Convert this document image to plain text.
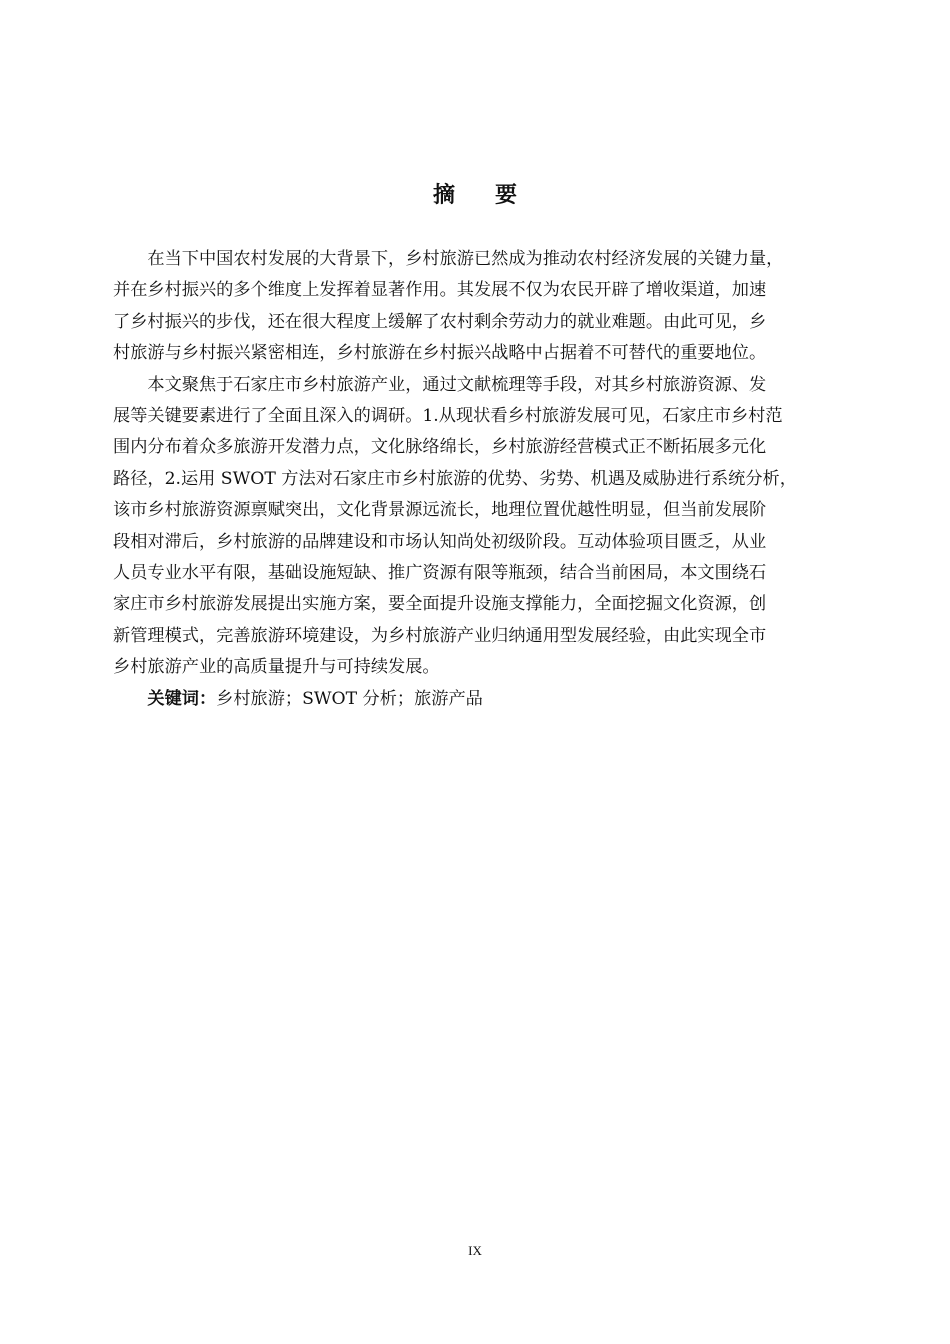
摘 要

在当下中国农村发展的大背景下，乡村旅游已然成为推动农村经济发展的关键力量，
并在乡村振兴的多个维度上发挥着显著作用。其发展不仅为农民开辟了增收渠道，加速
了乡村振兴的步伐，还在很大程度上缓解了农村剩余劳动力的就业难题。由此可见，乡
村旅游与乡村振兴紧密相连，乡村旅游在乡村振兴战略中占据着不可替代的重要地位。

本文聚焦于石家庄市乡村旅游产业，通过文献梳理等手段，对其乡村旅游资源、发
展等关键要素进行了全面且深入的调研。1.从现状看乡村旅游发展可见，石家庄市乡村范
围内分布着众多旅游开发潜力点，文化脉络绵长，乡村旅游经营模式正不断拓展多元化
路径，2.运用 SWOT 方法对石家庄市乡村旅游的优势、劣势、机遇及威胁进行系统分析，
该市乡村旅游资源禀赋突出，文化背景源远流长，地理位置优越性明显，但当前发展阶
段相对滞后，乡村旅游的品牌建设和市场认知尚处初级阶段。互动体验项目匮乏，从业
人员专业水平有限，基础设施短缺、推广资源有限等瓶颈，结合当前困局，本文围绕石
家庄市乡村旅游发展提出实施方案，要全面提升设施支撑能力，全面挖掘文化资源，创
新管理模式，完善旅游环境建设，为乡村旅游产业归纳通用型发展经验，由此实现全市
乡村旅游产业的高质量提升与可持续发展。

关键词：乡村旅游；SWOT 分析；旅游产品

IX
